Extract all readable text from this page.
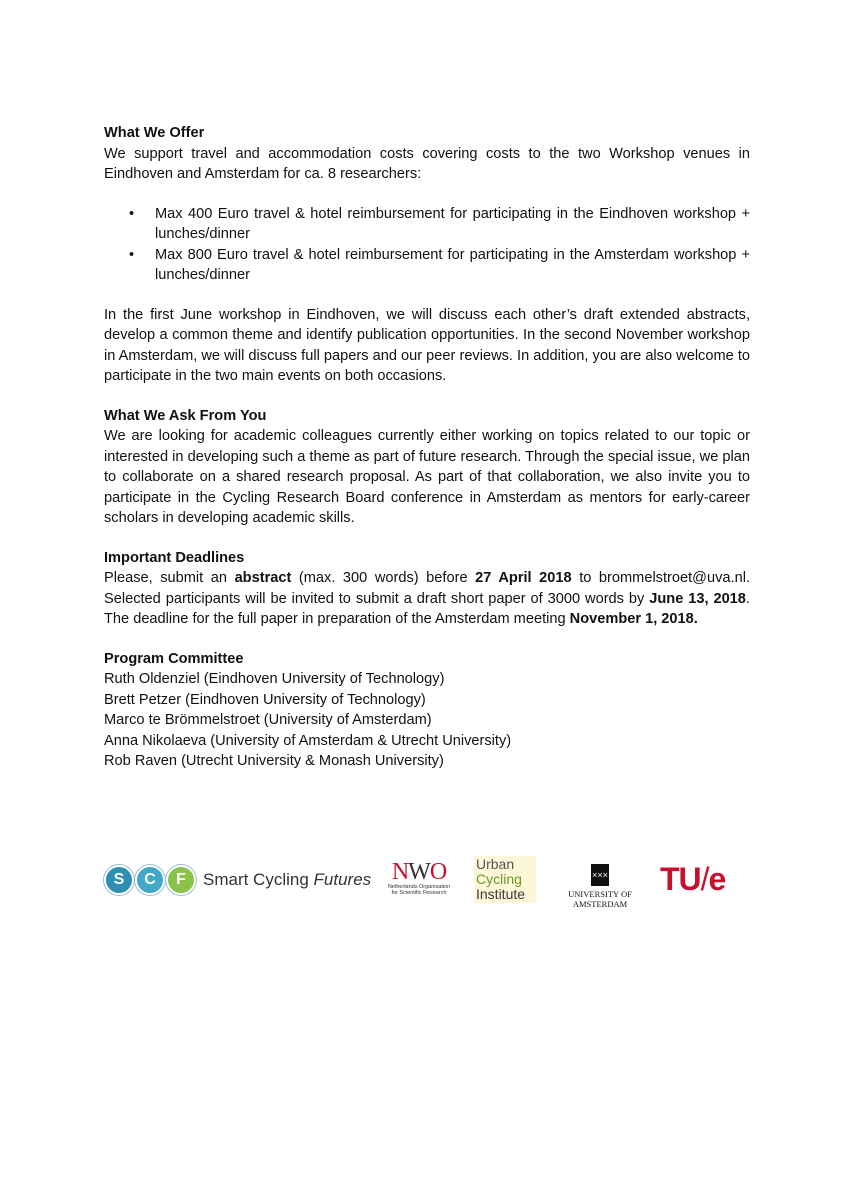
What We Offer

We support travel and accommodation costs covering costs to the two Workshop venues in Eindhoven and Amsterdam for ca. 8 researchers:

• Max 400 Euro travel & hotel reimbursement for participating in the Eindhoven workshop + lunches/dinner
• Max 800 Euro travel & hotel reimbursement for participating in the Amsterdam workshop + lunches/dinner

In the first June workshop in Eindhoven, we will discuss each other’s draft extended abstracts, develop a common theme and identify publication opportunities. In the second November workshop in Amsterdam, we will discuss full papers and our peer reviews. In addition, you are also welcome to participate in the two main events on both occasions.

What We Ask From You

We are looking for academic colleagues currently either working on topics related to our topic or interested in developing such a theme as part of future research. Through the special issue, we plan to collaborate on a shared research proposal. As part of that collaboration, we also invite you to participate in the Cycling Research Board conference in Amsterdam as mentors for early-career scholars in developing academic skills.

Important Deadlines

Please, submit an abstract (max. 300 words) before 27 April 2018 to brommelstroet@uva.nl. Selected participants will be invited to submit a draft short paper of 3000 words by June 13, 2018. The deadline for the full paper in preparation of the Amsterdam meeting November 1, 2018.

Program Committee

Ruth Oldenziel (Eindhoven University of Technology)
Brett Petzer (Eindhoven University of Technology)
Marco te Brömmelstroet (University of Amsterdam)
Anna Nikolaeva (University of Amsterdam & Utrecht University)
Rob Raven (Utrecht University & Monash University)
S	C	F	Smart Cycling Futures NWO
Netherlands Organisation
for Scientific Research
Urban
Cycling
Institute
×××
UNIVERSITY OF AMSTERDAM
TU/e
